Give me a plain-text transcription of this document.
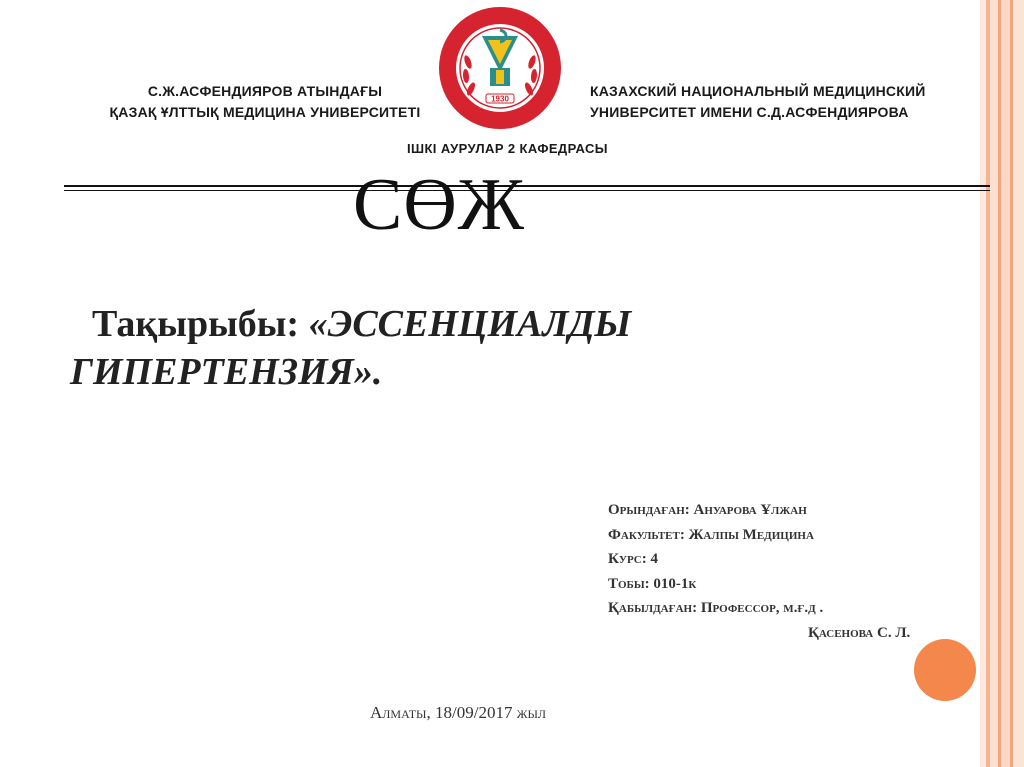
С.Ж.АСФЕНДИЯРОВ АТЫНДАҒЫ
ҚАЗАҚ ҰЛТТЫҚ МЕДИЦИНА УНИВЕРСИТЕТІ
КАЗАХСКИЙ НАЦИОНАЛЬНЫЙ МЕДИЦИНСКИЙ
УНИВЕРСИТЕТ ИМЕНИ С.Д.АСФЕНДИЯРОВА
ІШКІ АУРУЛАР 2 КАФЕДРАСЫ
1930
СӨЖ
Тақырыбы: «ЭССЕНЦИАЛДЫ
ГИПЕРТЕНЗИЯ».
Орындаған: Ануарова Ұлжан
Факультет: Жалпы Медицина
Курс: 4
Тобы: 010-1к
Қабылдаған: Профессор, м.ғ.д .
Қасенова С. Л.
Алматы, 18/09/2017 жыл
